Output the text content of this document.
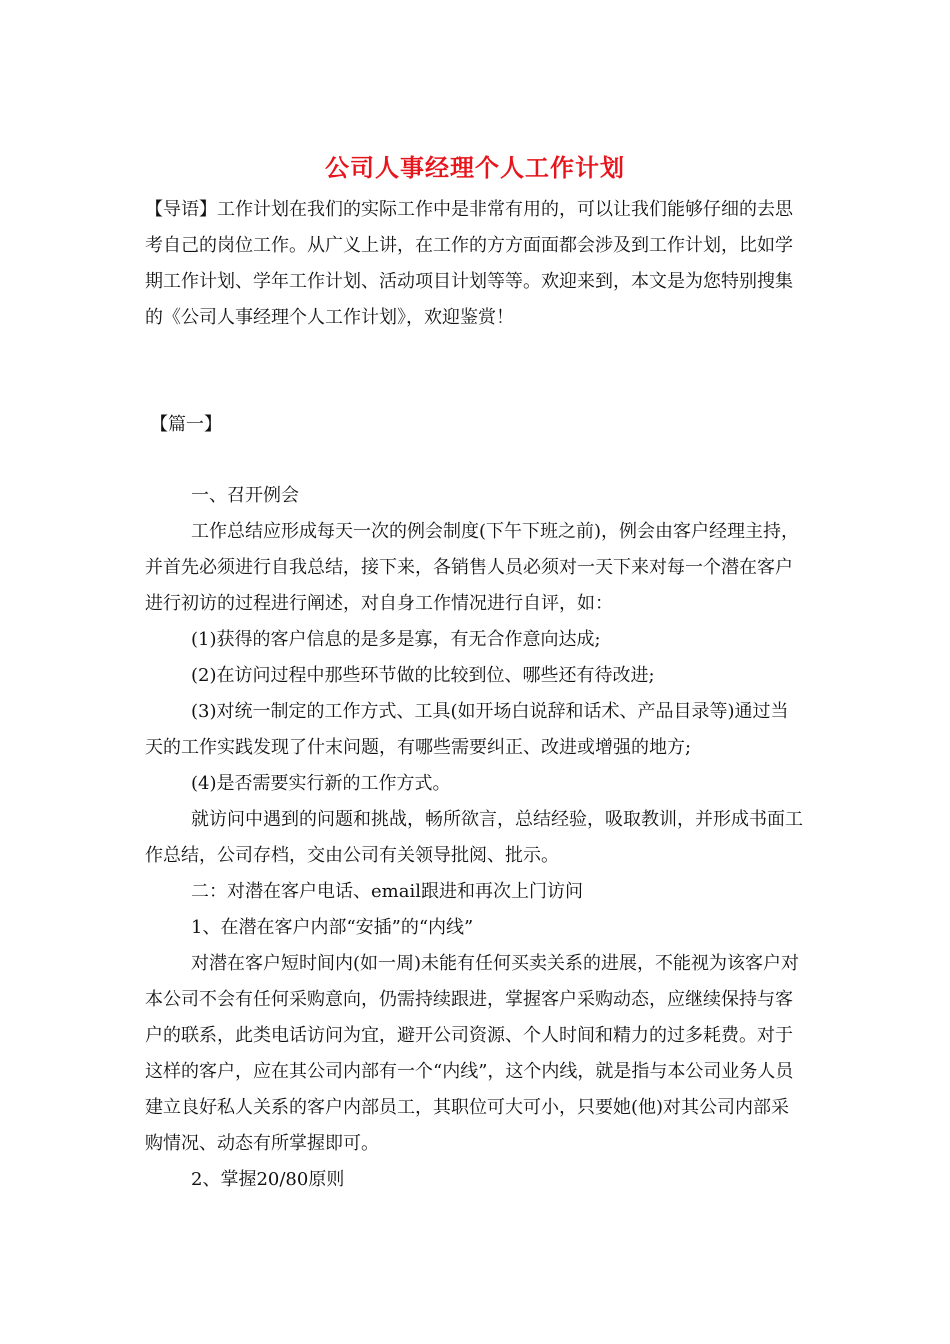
公司人事经理个人工作计划

【导语】工作计划在我们的实际工作中是非常有用的，可以让我们能够仔细的去思考自己的岗位工作。从广义上讲，在工作的方方面面都会涉及到工作计划，比如学期工作计划、学年工作计划、活动项目计划等等。欢迎来到，本文是为您特别搜集的《公司人事经理个人工作计划》，欢迎鉴赏！

【篇一】

一、召开例会

工作总结应形成每天一次的例会制度(下午下班之前)，例会由客户经理主持，并首先必须进行自我总结，接下来，各销售人员必须对一天下来对每一个潜在客户进行初访的过程进行阐述，对自身工作情况进行自评，如：

(1)获得的客户信息的是多是寡，有无合作意向达成;

(2)在访问过程中那些环节做的比较到位、哪些还有待改进;

(3)对统一制定的工作方式、工具(如开场白说辞和话术、产品目录等)通过当天的工作实践发现了什末问题，有哪些需要纠正、改进或增强的地方;

(4)是否需要实行新的工作方式。

就访问中遇到的问题和挑战，畅所欲言，总结经验，吸取教训，并形成书面工作总结，公司存档，交由公司有关领导批阅、批示。

二：对潜在客户电话、email跟进和再次上门访问

1、在潜在客户内部“安插”的“内线”

对潜在客户短时间内(如一周)未能有任何买卖关系的进展，不能视为该客户对本公司不会有任何采购意向，仍需持续跟进，掌握客户采购动态，应继续保持与客户的联系，此类电话访问为宜，避开公司资源、个人时间和精力的过多耗费。对于这样的客户，应在其公司内部有一个“内线”，这个内线，就是指与本公司业务人员建立良好私人关系的客户内部员工，其职位可大可小，只要她(他)对其公司内部采购情况、动态有所掌握即可。

2、掌握20/80原则
